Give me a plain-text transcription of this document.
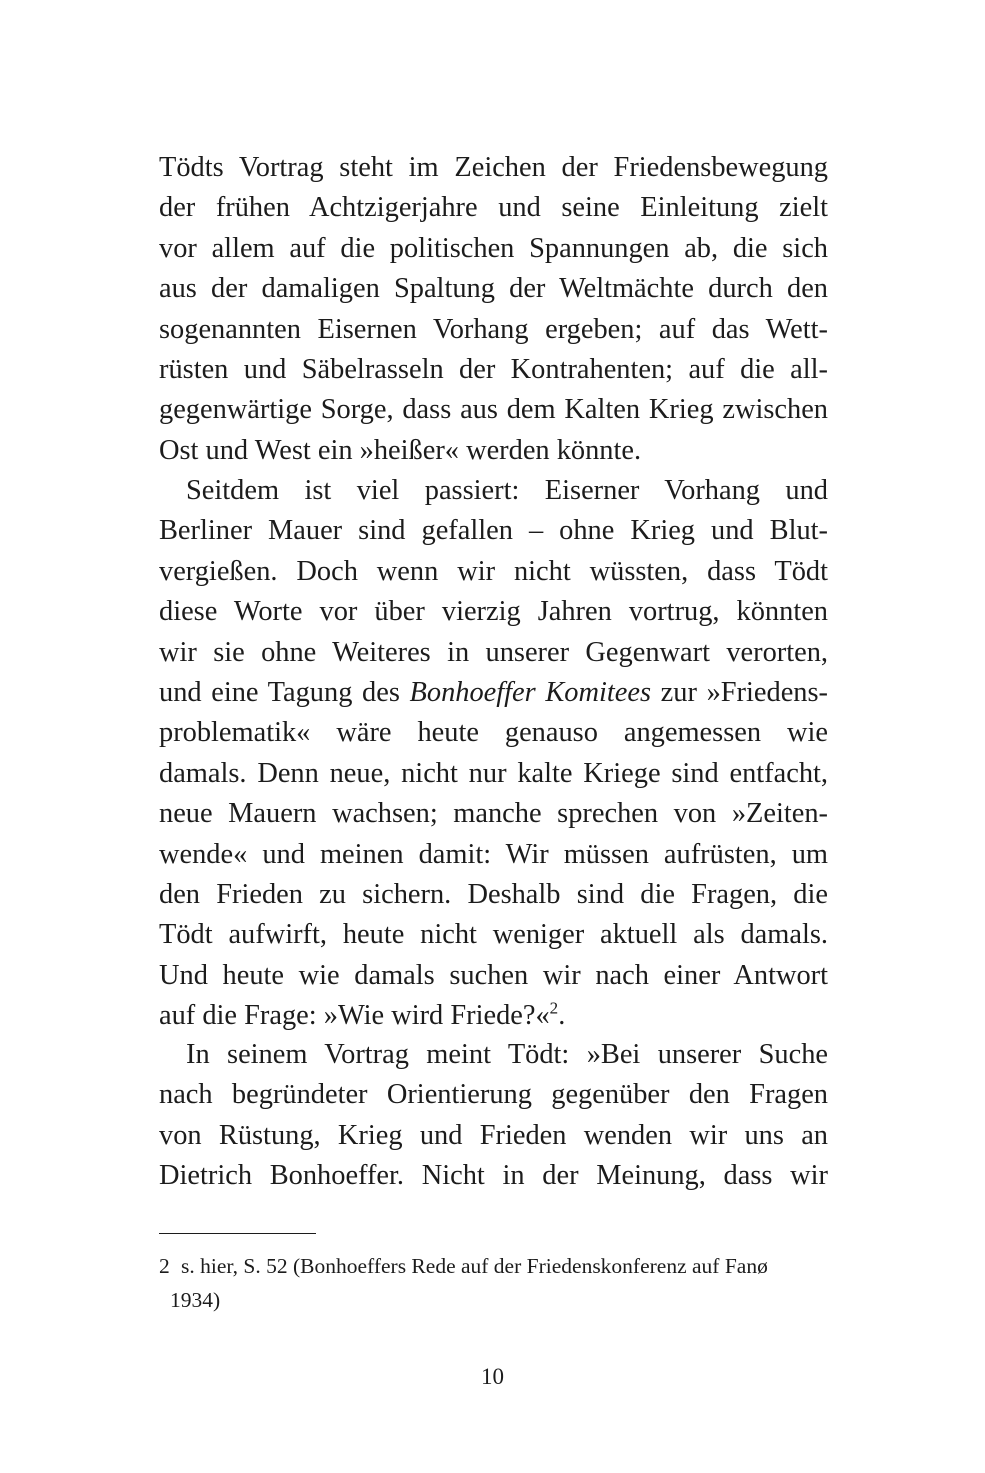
Tödts Vortrag steht im Zeichen der Friedensbewegung
der frühen Achtzigerjahre und seine Einleitung zielt
vor allem auf die politischen Spannungen ab, die sich
aus der damaligen Spaltung der Weltmächte durch den
sogenannten Eisernen Vorhang ergeben; auf das Wett-
rüsten und Säbelrasseln der Kontrahenten; auf die all-
gegenwärtige Sorge, dass aus dem Kalten Krieg zwischen
Ost und West ein »heißer« werden könnte.
Seitdem ist viel passiert: Eiserner Vorhang und
Berliner Mauer sind gefallen – ohne Krieg und Blut-
vergießen. Doch wenn wir nicht wüssten, dass Tödt
diese Worte vor über vierzig Jahren vortrug, könnten
wir sie ohne Weiteres in unserer Gegenwart verorten,
und eine Tagung des Bonhoeffer Komitees zur »Friedens-
problematik« wäre heute genauso angemessen wie
damals. Denn neue, nicht nur kalte Kriege sind entfacht,
neue Mauern wachsen; manche sprechen von »Zeiten-
wende« und meinen damit: Wir müssen aufrüsten, um
den Frieden zu sichern. Deshalb sind die Fragen, die
Tödt aufwirft, heute nicht weniger aktuell als damals.
Und heute wie damals suchen wir nach einer Antwort
auf die Frage: »Wie wird Friede?«$^2$.
In seinem Vortrag meint Tödt: »Bei unserer Suche
nach begründeter Orientierung gegenüber den Fragen
von Rüstung, Krieg und Frieden wenden wir uns an
Dietrich Bonhoeffer. Nicht in der Meinung, dass wir
2 s. hier, S. 52 (Bonhoeffers Rede auf der Friedenskonferenz auf Fanø
1934)
10
